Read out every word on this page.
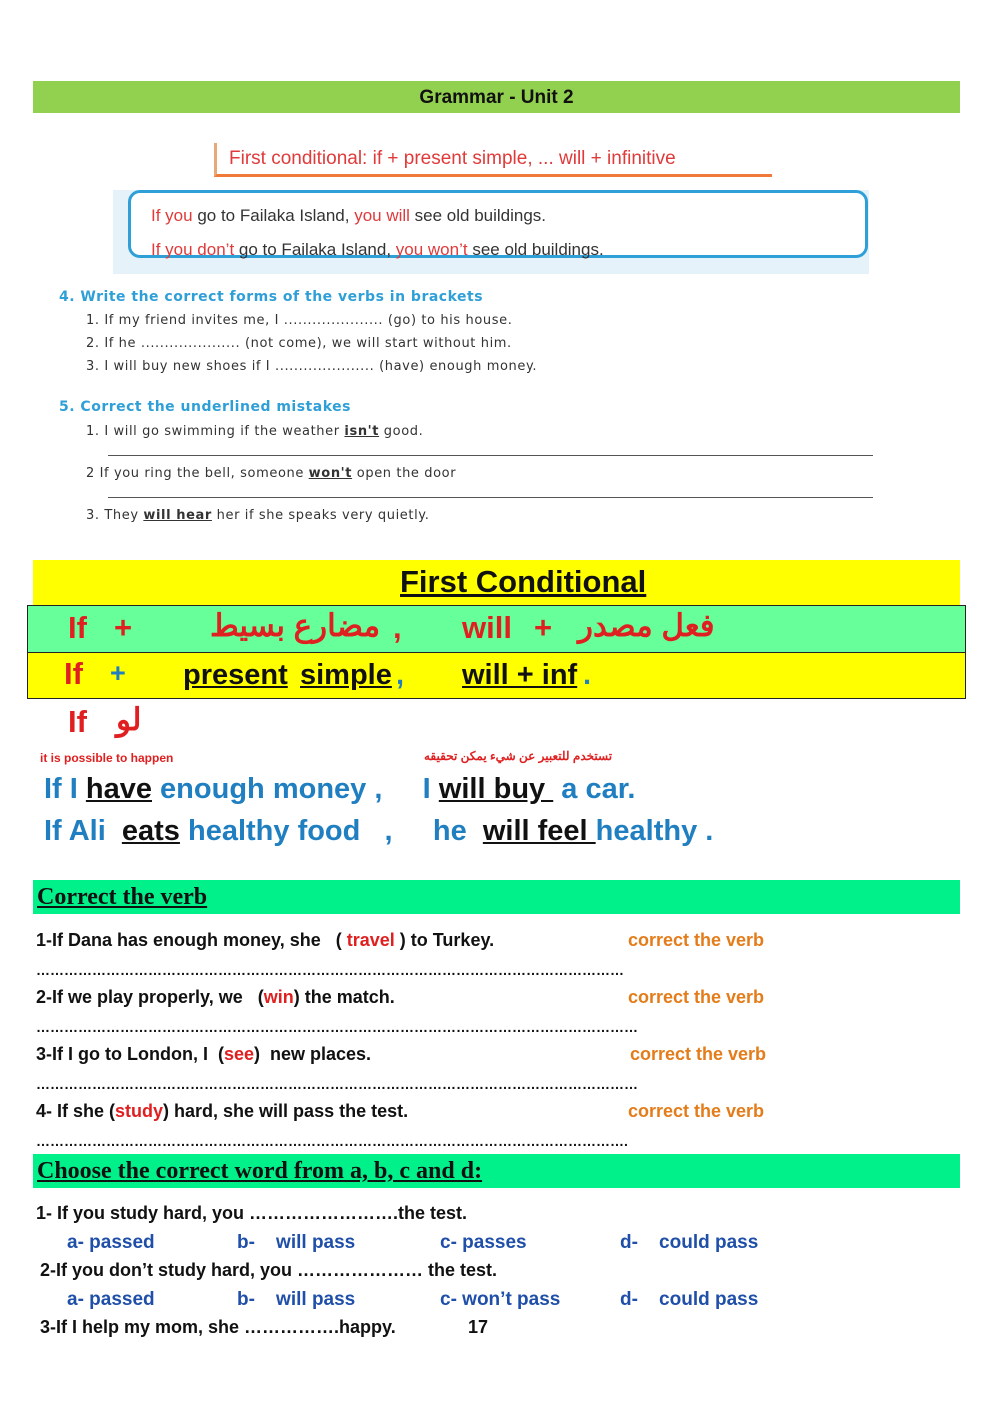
Grammar - Unit 2
First conditional: if + present simple, ... will + infinitive
If you go to Failaka Island, you will see old buildings.
If you don’t go to Failaka Island, you won’t see old buildings.
4. Write the correct forms of the verbs in brackets
1. If my friend invites me, I ..................... (go) to his house.
2. If he ..................... (not come), we will start without him.
3. I will buy new shoes if I ..................... (have) enough money.
5. Correct the underlined mistakes
1. I will go swimming if the weather isn't good.
2 If you ring the bell, someone won't open the door
3. They will hear her if she speaks very quietly.
First Conditional
If +	مضارع بسيط , will + فعل مصدر
If + present simple , will + inf .
If لو
it is possible to happen	تستخدم للتعبير عن شيء يمكن تحقيقه
If I have enough money ,     I will buy  a car.
If Ali  eats healthy food   ,     he  will feel healthy .
Correct the verb
1-If Dana has enough money, she   ( travel ) to Turkey.	correct the verb
………………………………………………………………………………………………………………
2-If we play properly, we   (win) the match.	correct the verb
…………………………………………………………………………………………………………………
3-If I go to London, I  (see)  new places.	correct the verb
…………………………………………………………………………………………………………………
4- If she (study) hard, she will pass the test.	correct the verb
……………………………………………………………………………………………………………….
Choose the correct word from a, b, c and d:
1- If you study hard, you …………………….the test.
a- passed	b-    will pass	c- passes	d-    could pass
2-If you don’t study hard, you ………………… the test.
a- passed	b-    will pass	c- won’t pass	d-    could pass
3-If I help my mom, she …………….happy.	17
